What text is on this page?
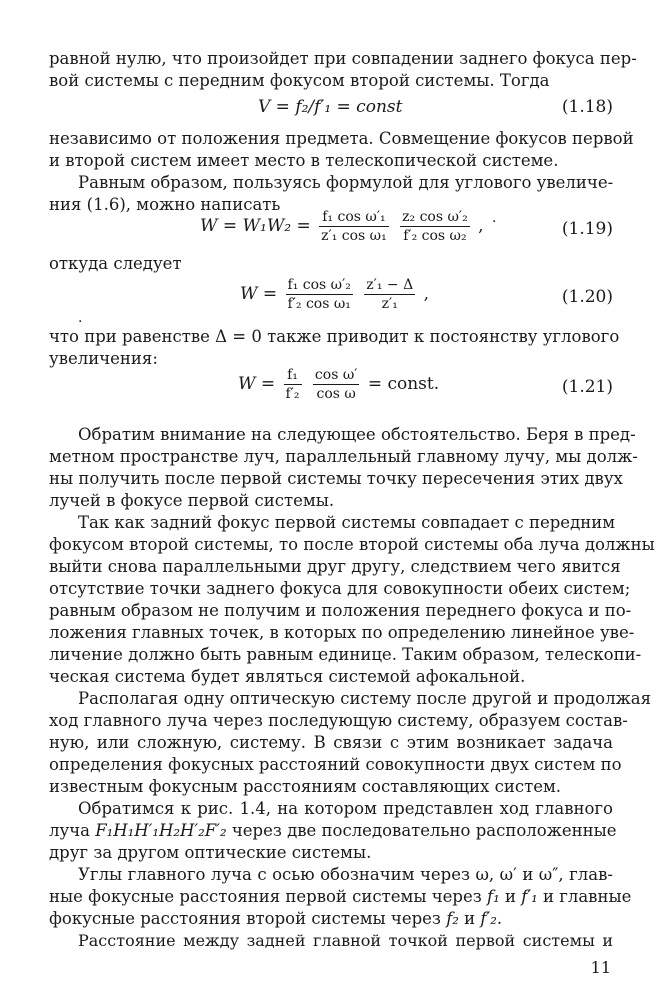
равной нулю, что произойдет при совпадении заднего фокуса пер-
вой системы с передним фокусом второй системы. Тогда
V = f₂/f′₁ = const	(1.18)
независимо от положения предмета. Совмещение фокусов первой
и второй систем имеет место в телескопической системе.
Равным образом, пользуясь формулой для углового увеличе-
ния (1.6), можно написать
$W = W_1W_2 = \frac{\text{f₁ cos ω′₁}}{\text{z′₁ cos ω₁}}$
$\frac{\text{z₂ cos ω′₂}}{\text{f′₂ cos ω₂}}$ , ·	(1.19)
откуда следует
$W = \frac{\text{f₁ cos ω′₂}}{\text{f′₂ cos ω₁}}$
$\frac{\text{z′₁ − Δ}}{\text{z′₁}}$ ,
·
(1.20)
что при равенстве Δ = 0 также приводит к постоянству углового
увеличения:
$W = \frac{\text{f₁}}{\text{f′₂}}$
$\frac{\text{cos ω′}}{\text{cos ω}}$ = const.	(1.21)
Обратим внимание на следующее обстоятельство. Беря в пред-
метном пространстве луч, параллельный главному лучу, мы долж-
ны получить после первой системы точку пересечения этих двух
лучей в фокусе первой системы.
Так как задний фокус первой системы совпадает с передним
фокусом второй системы, то после второй системы оба луча должны
выйти снова параллельными друг другу, следствием чего явится
отсутствие точки заднего фокуса для совокупности обеих систем;
равным образом не получим и положения переднего фокуса и по-
ложения главных точек, в которых по определению линейное уве-
личение должно быть равным единице. Таким образом, телескопи-
ческая система будет являться системой афокальной.
Располагая одну оптическую систему после другой и продолжая
ход главного луча через последующую систему, образуем состав-
ную, или сложную, систему. В связи с этим возникает задача
определения фокусных расстояний совокупности двух систем по
известным фокусным расстояниям составляющих систем.
Обратимся к рис. 1.4, на котором представлен ход главного
луча F₁H₁H′₁H₂H′₂F′₂ через две последовательно расположенные
друг за другом оптические системы.
Углы главного луча с осью обозначим через ω, ω′ и ω″, глав-
ные фокусные расстояния первой системы через f₁ и f′₁ и главные
фокусные расстояния второй системы через f₂ и f′₂.
Расстояние между задней главной точкой первой системы и
11
передней главной точкой второй системы — косую толщину — обозначим через d̃ и расстояние между задним фокусом первой системы и передним фокусом второй — оптический интервал — через Δ.
